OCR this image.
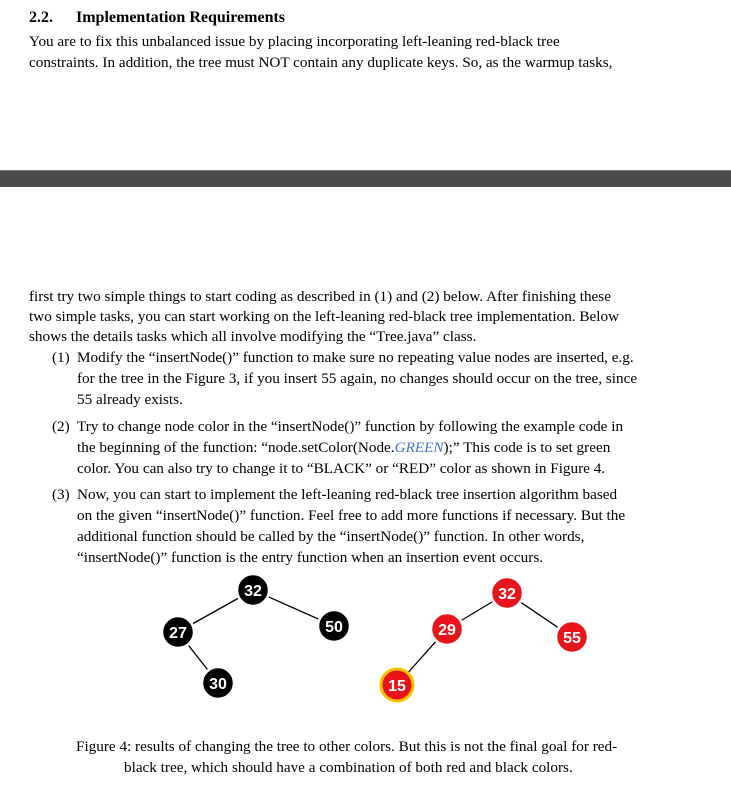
2.2. Implementation Requirements
You are to fix this unbalanced issue by placing incorporating left-leaning red-black tree
constraints. In addition, the tree must NOT contain any duplicate keys. So, as the warmup tasks,
first try two simple things to start coding as described in (1) and (2) below. After finishing these
two simple tasks, you can start working on the left-leaning red-black tree implementation. Below
shows the details tasks which all involve modifying the “Tree.java” class.
(1) Modify the “insertNode()” function to make sure no repeating value nodes are inserted, e.g.
for the tree in the Figure 3, if you insert 55 again, no changes should occur on the tree, since
55 already exists.
(2) Try to change node color in the “insertNode()” function by following the example code in
the beginning of the function: “node.setColor(Node.GREEN);” This code is to set green
color. You can also try to change it to “BLACK” or “RED” color as shown in Figure 4.
(3) Now, you can start to implement the left-leaning red-black tree insertion algorithm based
on the given “insertNode()” function. Feel free to add more functions if necessary. But the
additional function should be called by the “insertNode()” function. In other words,
“insertNode()” function is the entry function when an insertion event occurs.
32
27	50
30
32
29	55
15
Figure 4: results of changing the tree to other colors. But this is not the final goal for red-
black tree, which should have a combination of both red and black colors.
